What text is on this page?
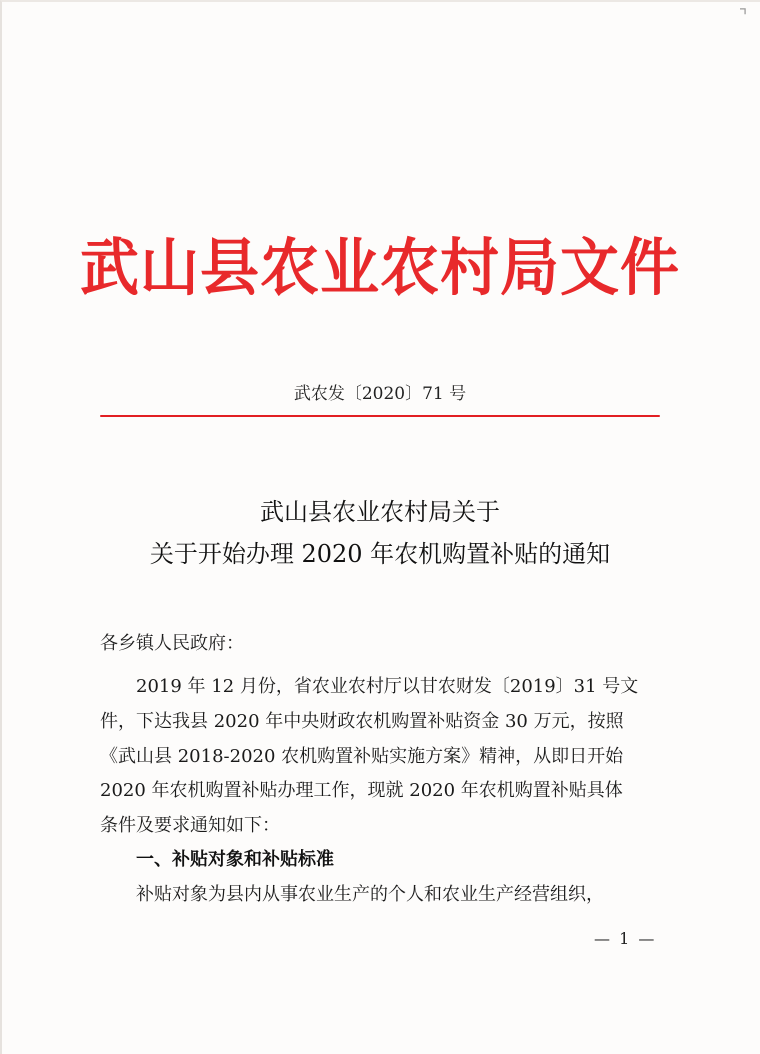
⌝

武山县农业农村局文件
武农发〔2020〕71 号
武山县农业农村局关于
关于开始办理 2020 年农机购置补贴的通知
各乡镇人民政府：
　　2019 年 12 月份，省农业农村厅以甘农财发〔2019〕31 号文
件，下达我县 2020 年中央财政农机购置补贴资金 30 万元，按照
《武山县 2018-2020 农机购置补贴实施方案》精神，从即日开始
2020 年农机购置补贴办理工作，现就 2020 年农机购置补贴具体
条件及要求通知如下：
一、补贴对象和补贴标准
　　补贴对象为县内从事农业生产的个人和农业生产经营组织，
— 1 —
